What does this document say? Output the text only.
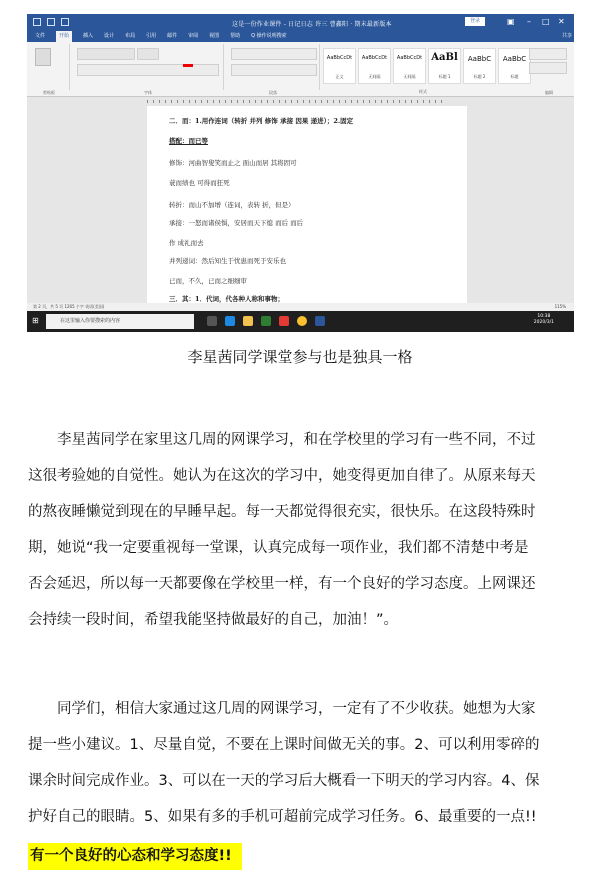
这是一份作业课件 - 日记日志 许三 曹鑫阳 · 期末最新版本	登录	▣ – □ ✕
文件	开始	插入 设计 布局 引用 邮件 审阅 视图 帮助 Q 操作说明搜索	共享
剪贴板	字体	段落
AaBbCcDt
正文
AaBbCcDt
无间隔
AaBbCcDt
无间隔
AaBl
标题 1
AaBbC
标题 2
AaBbC
标题
编辑
样式
二．而：1.用作连词（转折 并列 修饰 承接 因果 递进）；2.固定
搭配：而已等
修饰：河曲智叟笑而止之 面山而居 其将固可
蓑而绩也 可得而狂死
转折：而山不加增（连词，表转 折，但是）
承接：一怒而诸侯惧，安居而天下熄 而后 而后
作 成礼而去
并列递词：然后知生于忧患而死于安乐也
已而，不久，已而之细细审
三．其：1．代词，代各种人称和事物；
第 2 页，共 5 页 1265 个字 英语(美国)	115%
⊞	在这里输入你要搜索的内容
10:38
2020/3/1
李星茜同学课堂参与也是独具一格
李星茜同学在家里这几周的网课学习，和在学校里的学习有一些不同，不过
这很考验她的自觉性。她认为在这次的学习中，她变得更加自律了。从原来每天
的熬夜睡懒觉到现在的早睡早起。每一天都觉得很充实，很快乐。在这段特殊时
期，她说“我一定要重视每一堂课，认真完成每一项作业，我们都不清楚中考是
否会延迟，所以每一天都要像在学校里一样，有一个良好的学习态度。上网课还
会持续一段时间，希望我能坚持做最好的自己，加油！”。
同学们，相信大家通过这几周的网课学习，一定有了不少收获。她想为大家
提一些小建议。1、尽量自觉，不要在上课时间做无关的事。2、可以利用零碎的
课余时间完成作业。3、可以在一天的学习后大概看一下明天的学习内容。4、保
护好自己的眼睛。5、如果有多的手机可超前完成学习任务。6、最重要的一点!!
有一个良好的心态和学习态度!!
